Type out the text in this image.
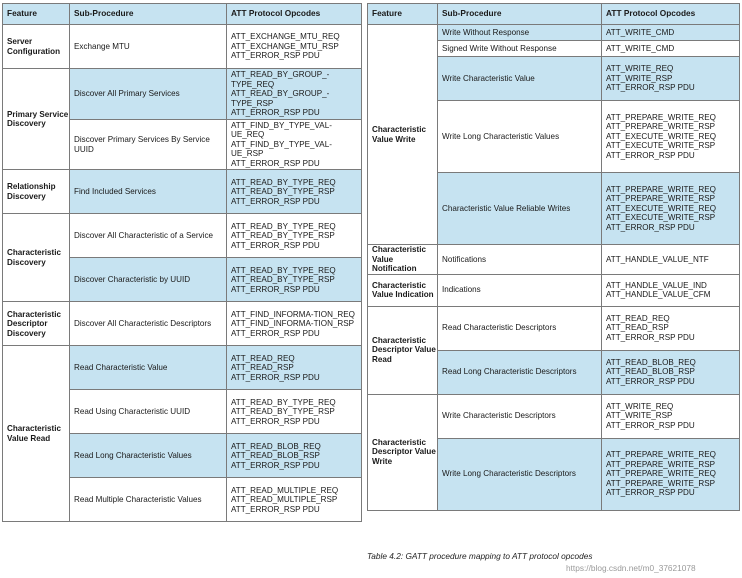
Feature	Sub-Procedure	ATT Protocol Opcodes
Server Configuration	Exchange MTU	ATT_EXCHANGE_MTU_REQ
ATT_EXCHANGE_MTU_RSP
ATT_ERROR_RSP PDU

Primary Service Discovery	Discover All Primary Services	ATT_READ_BY_GROUP_-TYPE_REQ
ATT_READ_BY_GROUP_-TYPE_RSP
ATT_ERROR_RSP PDU

	Discover Primary Services By Service UUID	ATT_FIND_BY_TYPE_VAL-UE_REQ
ATT_FIND_BY_TYPE_VAL-UE_RSP
ATT_ERROR_RSP PDU

Relationship Discovery	Find Included Services	ATT_READ_BY_TYPE_REQ
ATT_READ_BY_TYPE_RSP
ATT_ERROR_RSP PDU

Characteristic Discovery	Discover All Characteristic of a Service	ATT_READ_BY_TYPE_REQ
ATT_READ_BY_TYPE_RSP
ATT_ERROR_RSP PDU

	Discover Characteristic by UUID	ATT_READ_BY_TYPE_REQ
ATT_READ_BY_TYPE_RSP
ATT_ERROR_RSP PDU

Characteristic Descriptor Discovery	Discover All Characteristic Descriptors	ATT_FIND_INFORMA-TION_REQ
ATT_FIND_INFORMA-TION_RSP
ATT_ERROR_RSP PDU

Characteristic Value Read	Read Characteristic Value	ATT_READ_REQ
ATT_READ_RSP
ATT_ERROR_RSP PDU

	Read Using Characteristic UUID	ATT_READ_BY_TYPE_REQ
ATT_READ_BY_TYPE_RSP
ATT_ERROR_RSP PDU

	Read Long Characteristic Values	ATT_READ_BLOB_REQ
ATT_READ_BLOB_RSP
ATT_ERROR_RSP PDU

	Read Multiple Characteristic Values	ATT_READ_MULTIPLE_REQ
ATT_READ_MULTIPLE_RSP
ATT_ERROR_RSP PDU
Feature	Sub-Procedure	ATT Protocol Opcodes
Characteristic Value Write	Write Without Response	ATT_WRITE_CMD

	Signed Write Without Response	ATT_WRITE_CMD

	Write Characteristic Value	ATT_WRITE_REQ
ATT_WRITE_RSP
ATT_ERROR_RSP PDU

	Write Long Characteristic Values	ATT_PREPARE_WRITE_REQ
ATT_PREPARE_WRITE_RSP
ATT_EXECUTE_WRITE_REQ
ATT_EXECUTE_WRITE_RSP
ATT_ERROR_RSP PDU

	Characteristic Value Reliable Writes	ATT_PREPARE_WRITE_REQ
ATT_PREPARE_WRITE_RSP
ATT_EXECUTE_WRITE_REQ
ATT_EXECUTE_WRITE_RSP
ATT_ERROR_RSP PDU

Characteristic Value Notification	Notifications	ATT_HANDLE_VALUE_NTF

Characteristic Value Indication	Indications	ATT_HANDLE_VALUE_IND
ATT_HANDLE_VALUE_CFM

Characteristic Descriptor Value Read	Read Characteristic Descriptors	ATT_READ_REQ
ATT_READ_RSP
ATT_ERROR_RSP PDU

	Read Long Characteristic Descriptors	ATT_READ_BLOB_REQ
ATT_READ_BLOB_RSP
ATT_ERROR_RSP PDU

Characteristic Descriptor Value Write	Write Characteristic Descriptors	ATT_WRITE_REQ
ATT_WRITE_RSP
ATT_ERROR_RSP PDU

	Write Long Characteristic Descriptors	ATT_PREPARE_WRITE_REQ
ATT_PREPARE_WRITE_RSP
ATT_PREPARE_WRITE_REQ
ATT_PREPARE_WRITE_RSP
ATT_ERROR_RSP PDU
Table 4.2: GATT procedure mapping to ATT protocol opcodes
https://blog.csdn.net/m0_37621078
